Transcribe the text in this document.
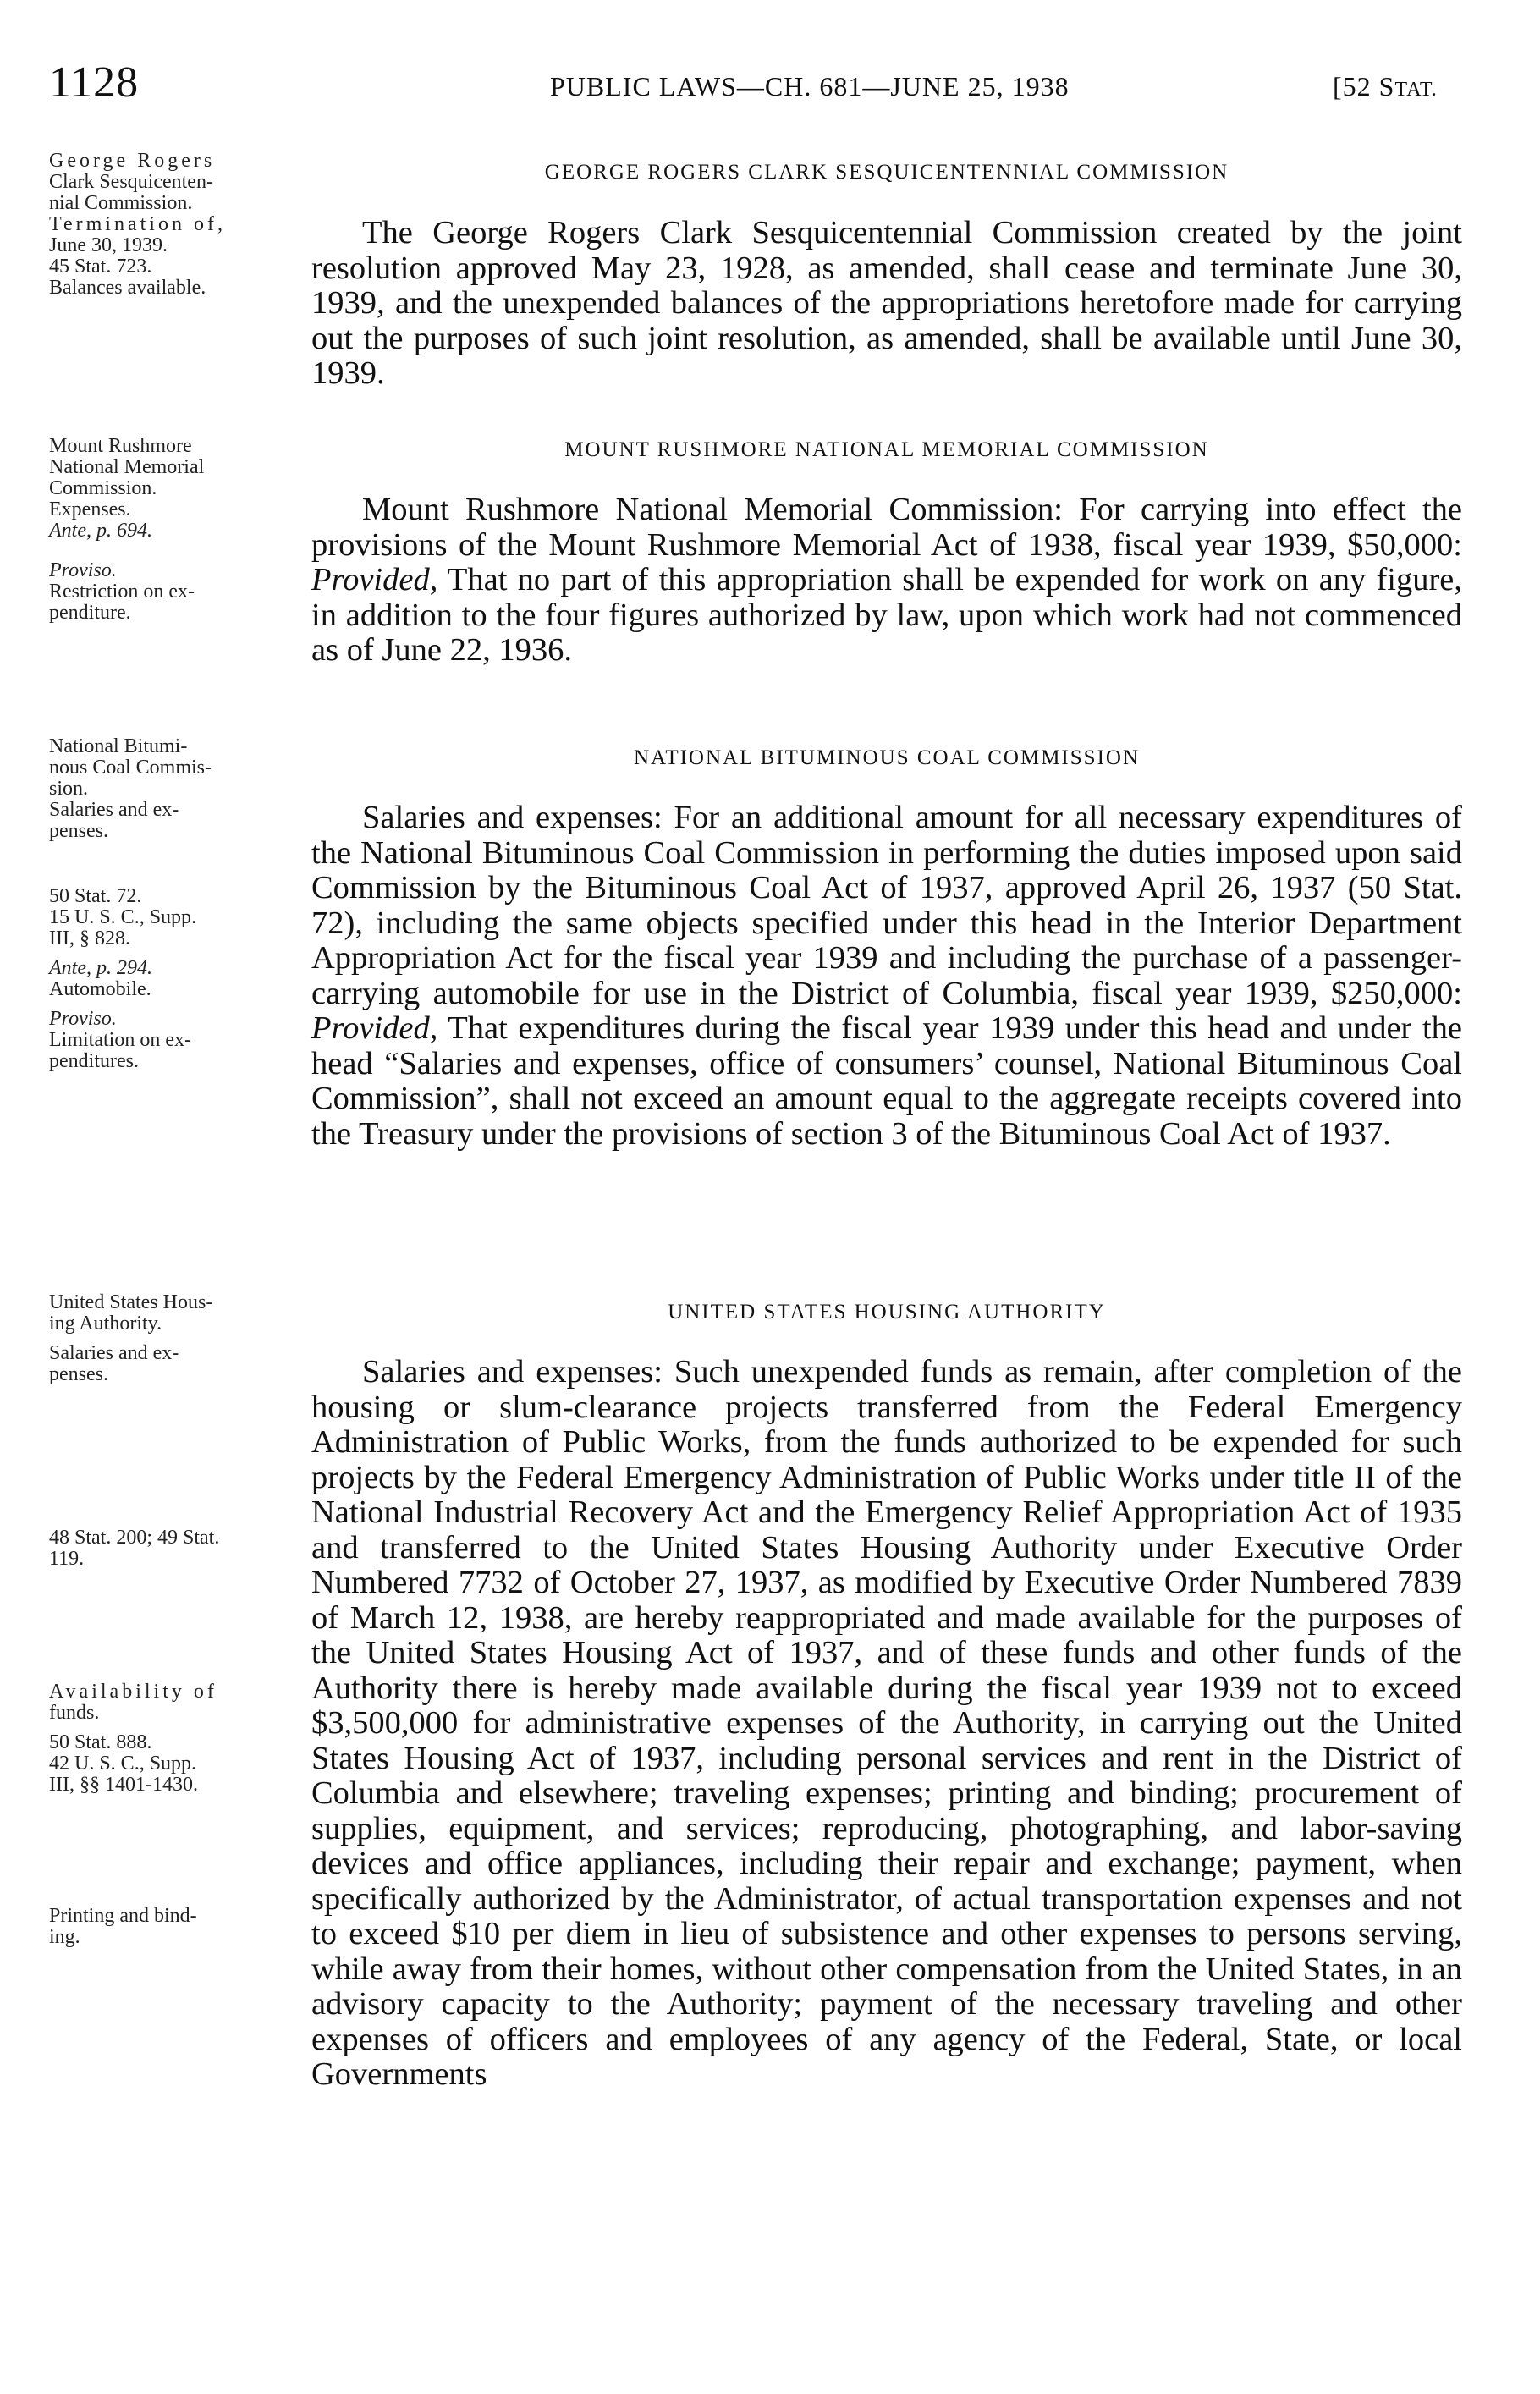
1128	PUBLIC LAWS—CH. 681—JUNE 25, 1938	[52 STAT.
George Rogers
Clark Sesquicenten-
nial Commission.
Termination of,
June 30, 1939.
45 Stat. 723.
Balances available.
GEORGE ROGERS CLARK SESQUICENTENNIAL COMMISSION

The George Rogers Clark Sesquicentennial Commission created by the joint resolution approved May 23, 1928, as amended, shall cease and terminate June 30, 1939, and the unexpended balances of the appropriations heretofore made for carrying out the purposes of such joint resolution, as amended, shall be available until June 30, 1939.

Mount Rushmore
National Memorial
Commission.
Expenses.
Ante, p. 694.
Proviso.
Restriction on ex-
penditure.
MOUNT RUSHMORE NATIONAL MEMORIAL COMMISSION

Mount Rushmore National Memorial Commission: For carrying into effect the provisions of the Mount Rushmore Memorial Act of 1938, fiscal year 1939, $50,000: Provided, That no part of this appropriation shall be expended for work on any figure, in addition to the four figures authorized by law, upon which work had not commenced as of June 22, 1936.

National Bitumi-
nous Coal Commis-
sion.
Salaries and ex-
penses.
50 Stat. 72.
15 U. S. C., Supp.
III, § 828.
Ante, p. 294.
Automobile.
Proviso.
Limitation on ex-
penditures.
NATIONAL BITUMINOUS COAL COMMISSION

Salaries and expenses: For an additional amount for all necessary expenditures of the National Bituminous Coal Commission in performing the duties imposed upon said Commission by the Bituminous Coal Act of 1937, approved April 26, 1937 (50 Stat. 72), including the same objects specified under this head in the Interior Department Appropriation Act for the fiscal year 1939 and including the purchase of a passenger-carrying automobile for use in the District of Columbia, fiscal year 1939, $250,000: Provided, That expenditures during the fiscal year 1939 under this head and under the head “Salaries and expenses, office of consumers’ counsel, National Bituminous Coal Commission”, shall not exceed an amount equal to the aggregate receipts covered into the Treasury under the provisions of section 3 of the Bituminous Coal Act of 1937.

United States Hous-
ing Authority.
Salaries and ex-
penses.
48 Stat. 200; 49 Stat.
119.
Availability of
funds.
50 Stat. 888.
42 U. S. C., Supp.
III, §§ 1401-1430.
Printing and bind-
ing.
UNITED STATES HOUSING AUTHORITY

Salaries and expenses: Such unexpended funds as remain, after completion of the housing or slum-clearance projects transferred from the Federal Emergency Administration of Public Works, from the funds authorized to be expended for such projects by the Federal Emergency Administration of Public Works under title II of the National Industrial Recovery Act and the Emergency Relief Appropriation Act of 1935 and transferred to the United States Housing Authority under Executive Order Numbered 7732 of October 27, 1937, as modified by Executive Order Numbered 7839 of March 12, 1938, are hereby reappropriated and made available for the purposes of the United States Housing Act of 1937, and of these funds and other funds of the Authority there is hereby made available during the fiscal year 1939 not to exceed $3,500,000 for administrative expenses of the Authority, in carrying out the United States Housing Act of 1937, including personal services and rent in the District of Columbia and elsewhere; traveling expenses; printing and binding; procurement of supplies, equipment, and services; reproducing, photographing, and labor-saving devices and office appliances, including their repair and exchange; payment, when specifically authorized by the Administrator, of actual transportation expenses and not to exceed $10 per diem in lieu of subsistence and other expenses to persons serving, while away from their homes, without other compensation from the United States, in an advisory capacity to the Authority; payment of the necessary traveling and other expenses of officers and employees of any agency of the Federal, State, or local Governments
